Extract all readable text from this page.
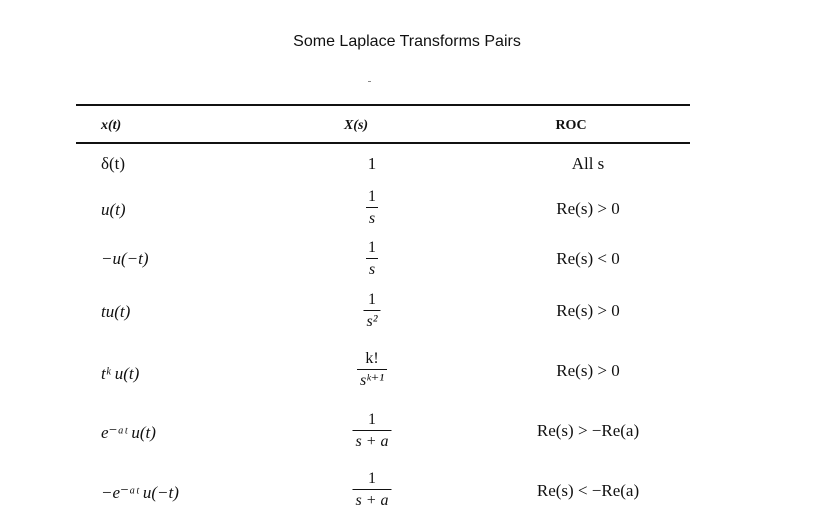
Some Laplace Transforms Pairs
x(t)	X(s)	ROC
δ(t)	1	All s
u(t)	$\frac{1}{s}$	Re(s) > 0
−u(−t)	$\frac{1}{s}$	Re(s) < 0
tu(t)	$\frac{1}{\text{s²}}$	Re(s) > 0
tᵏ u(t)	$\frac{k!}{\text{sᵏ⁺¹}}$	Re(s) > 0
e⁻ᵃᵗ u(t)	$\frac{1}{s + a}$	Re(s) > −Re(a)
−e⁻ᵃᵗ u(−t)	$\frac{1}{s + a}$	Re(s) < −Re(a)
